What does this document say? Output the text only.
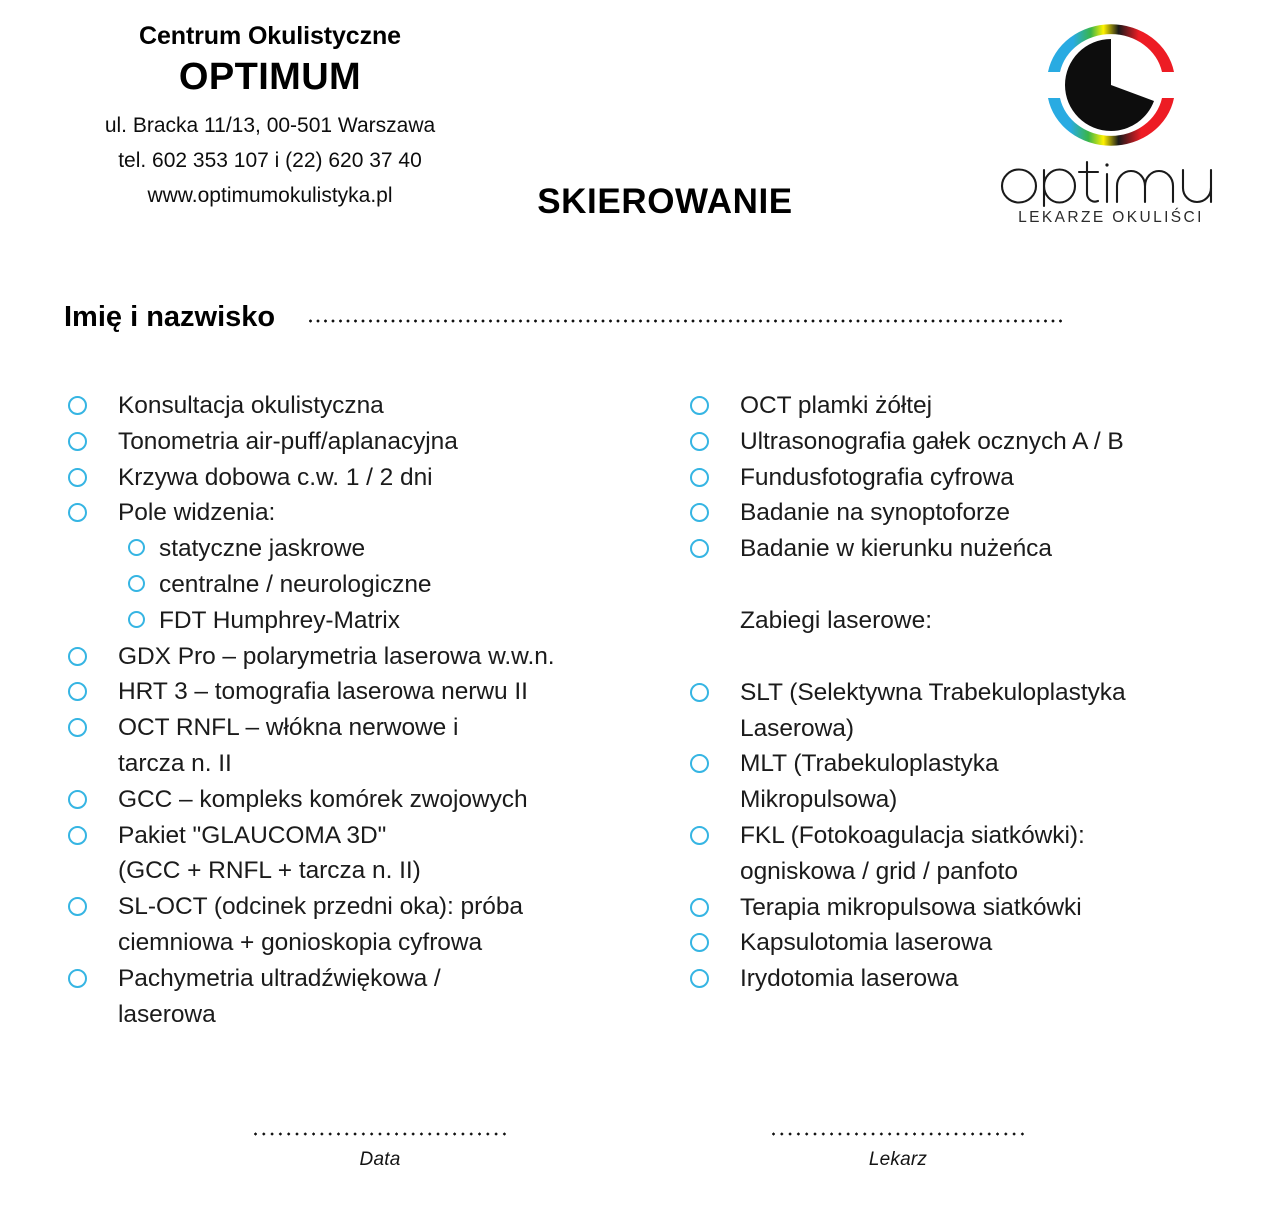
Centrum Okulistyczne
OPTIMUM
ul. Bracka 11/13, 00-501 Warszawa
tel. 602 353 107 i (22) 620 37 40
www.optimumokulistyka.pl	SKIEROWANIE	LEKARZE OKULIŚCI
Imię i nazwisko
Konsultacja okulistyczna
Tonometria air-puff/aplanacyjna
Krzywa dobowa c.w. 1 / 2 dni
Pole widzenia:
statyczne jaskrowe
centralne / neurologiczne
FDT Humphrey-Matrix
GDX Pro – polarymetria laserowa w.w.n.
HRT 3 – tomografia laserowa nerwu II
OCT RNFL – włókna nerwowe i
tarcza n. II
GCC – kompleks komórek zwojowych
Pakiet "GLAUCOMA 3D"
(GCC + RNFL + tarcza n. II)
SL-OCT (odcinek przedni oka): próba
ciemniowa + gonioskopia cyfrowa
Pachymetria ultradźwiękowa /
laserowa
OCT plamki żółtej
Ultrasonografia gałek ocznych A / B
Fundusfotografia cyfrowa
Badanie na synoptoforze
Badanie w kierunku nużeńca
Zabiegi laserowe:
SLT (Selektywna Trabekuloplastyka
Laserowa)
MLT (Trabekuloplastyka
Mikropulsowa)
FKL (Fotokoagulacja siatkówki):
ogniskowa / grid / panfoto
Terapia mikropulsowa siatkówki
Kapsulotomia laserowa
Irydotomia laserowa
Data	Lekarz
